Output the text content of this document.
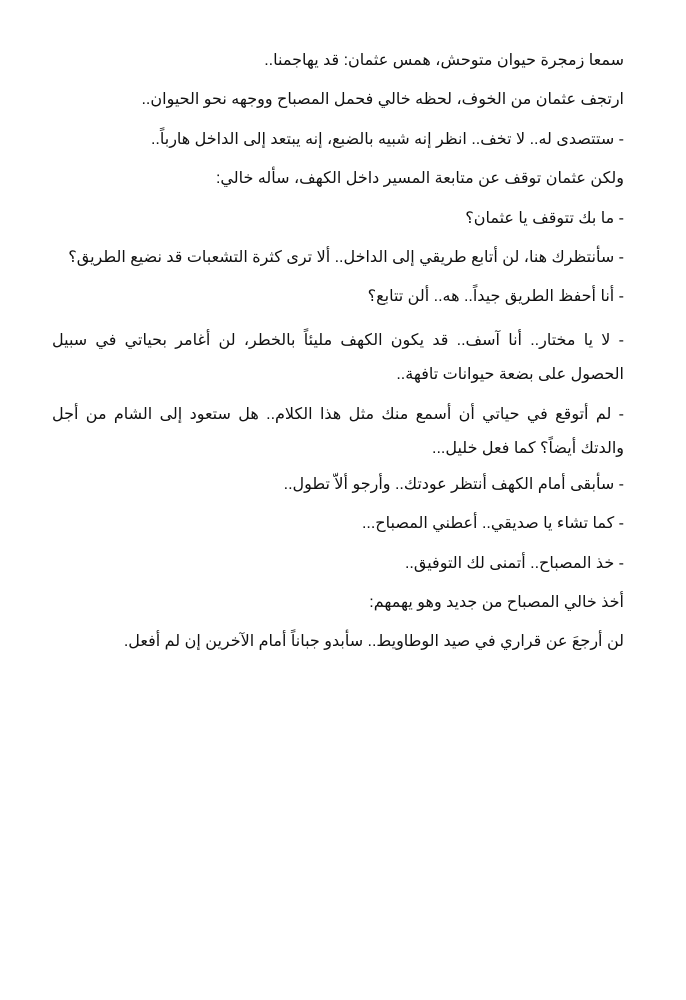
سمعا زمجرة حيوان متوحش، همس عثمان: قد يهاجمنا..

ارتجف عثمان من الخوف، لحظه خالي فحمل المصباح ووجهه نحو الحيوان..

- ستتصدى له.. لا تخف.. انظر إنه شبيه بالضبع، إنه يبتعد إلى الداخل هارباً..

ولكن عثمان توقف عن متابعة المسير داخل الكهف، سأله خالي:

- ما بك تتوقف يا عثمان؟

- سأنتظرك هنا، لن أتابع طريقي إلى الداخل.. ألا ترى كثرة التشعبات قد نضيع الطريق؟

- أنا أحفظ الطريق جيداً.. هه.. ألن تتابع؟

- لا يا مختار.. أنا آسف.. قد يكون الكهف مليئاً بالخطر، لن أغامر بحياتي في سبيل الحصول على بضعة حيوانات تافهة..

- لم أتوقع في حياتي أن أسمع منك مثل هذا الكلام.. هل ستعود إلى الشام من أجل والدتك أيضاً؟ كما فعل خليل...

- سأبقى أمام الكهف أنتظر عودتك.. وأرجو ألاّ تطول..

- كما تشاء يا صديقي.. أعطني المصباح...

- خذ المصباح.. أتمنى لك التوفيق..

أخذ خالي المصباح من جديد وهو يهمهم:

لن أرجعَ عن قراري في صيد الوطاويط.. سأبدو جباناً أمام الآخرين إن لم أفعل.
